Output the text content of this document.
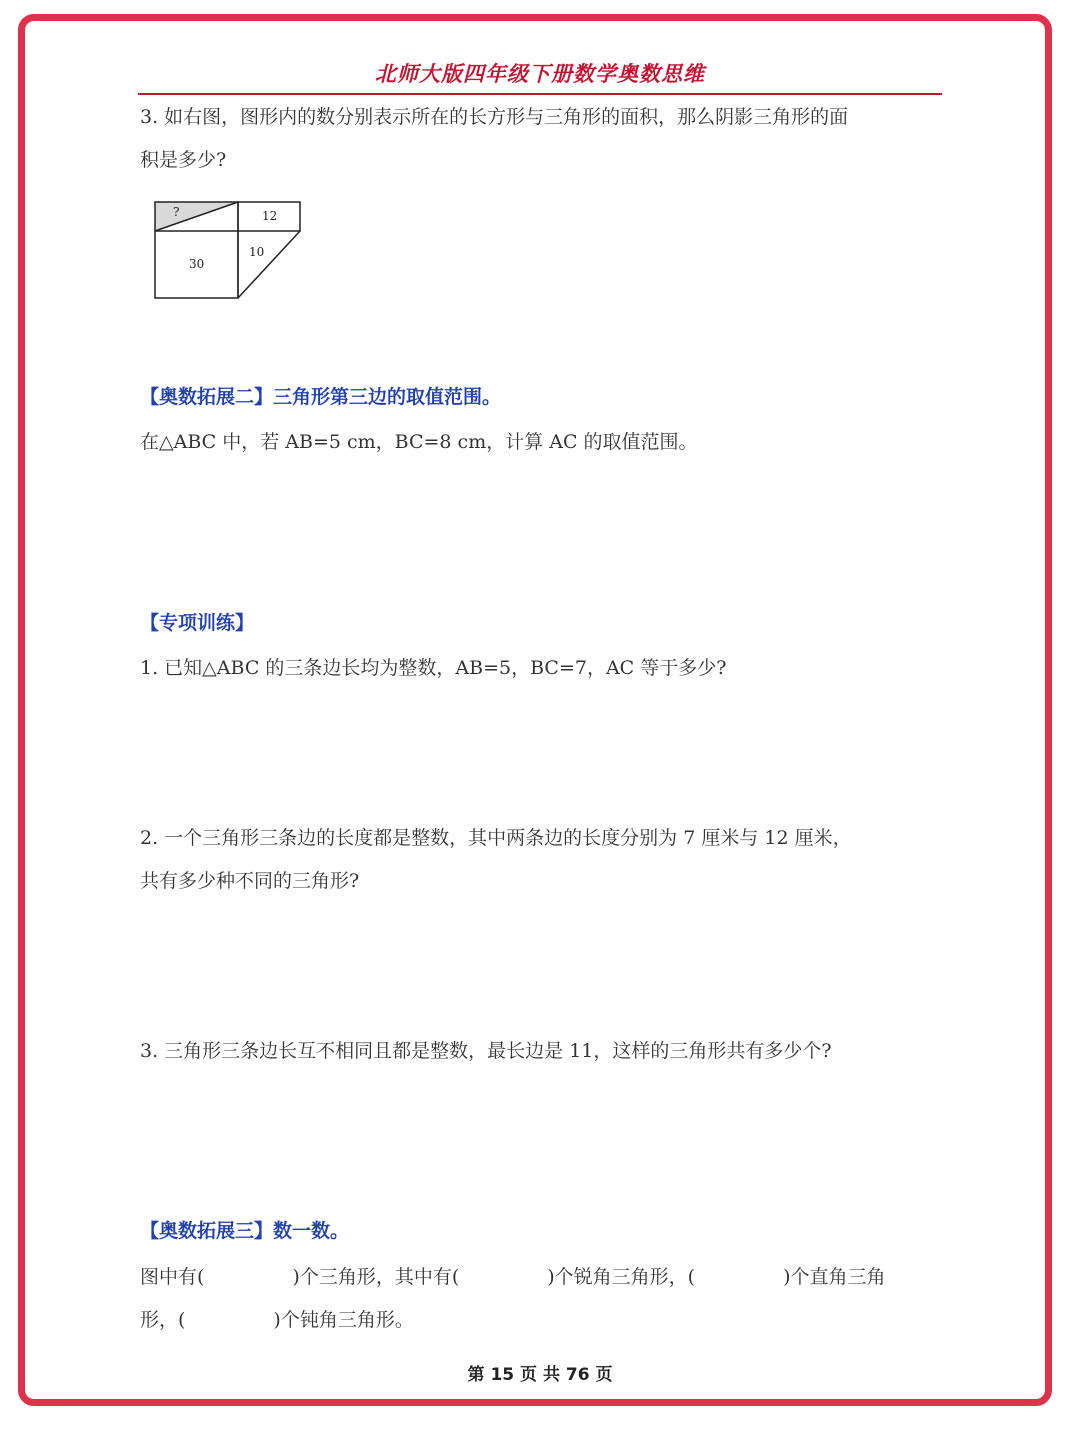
北师大版四年级下册数学奥数思维
3. 如右图，图形内的数分别表示所在的长方形与三角形的面积，那么阴影三角形的面
积是多少?
?	12
30
10
【奥数拓展二】三角形第三边的取值范围。
在△ABC 中，若 AB=5 cm，BC=8 cm，计算 AC 的取值范围。
【专项训练】
1. 已知△ABC 的三条边长均为整数，AB=5，BC=7，AC 等于多少?
2. 一个三角形三条边的长度都是整数，其中两条边的长度分别为 7 厘米与 12 厘米，
共有多少种不同的三角形?
3. 三角形三条边长互不相同且都是整数，最长边是 11，这样的三角形共有多少个?
【奥数拓展三】数一数。
图中有(	)个三角形，其中有(	)个锐角三角形，(	)个直角三角
形，(	)个钝角三角形。
第 15 页 共 76 页
